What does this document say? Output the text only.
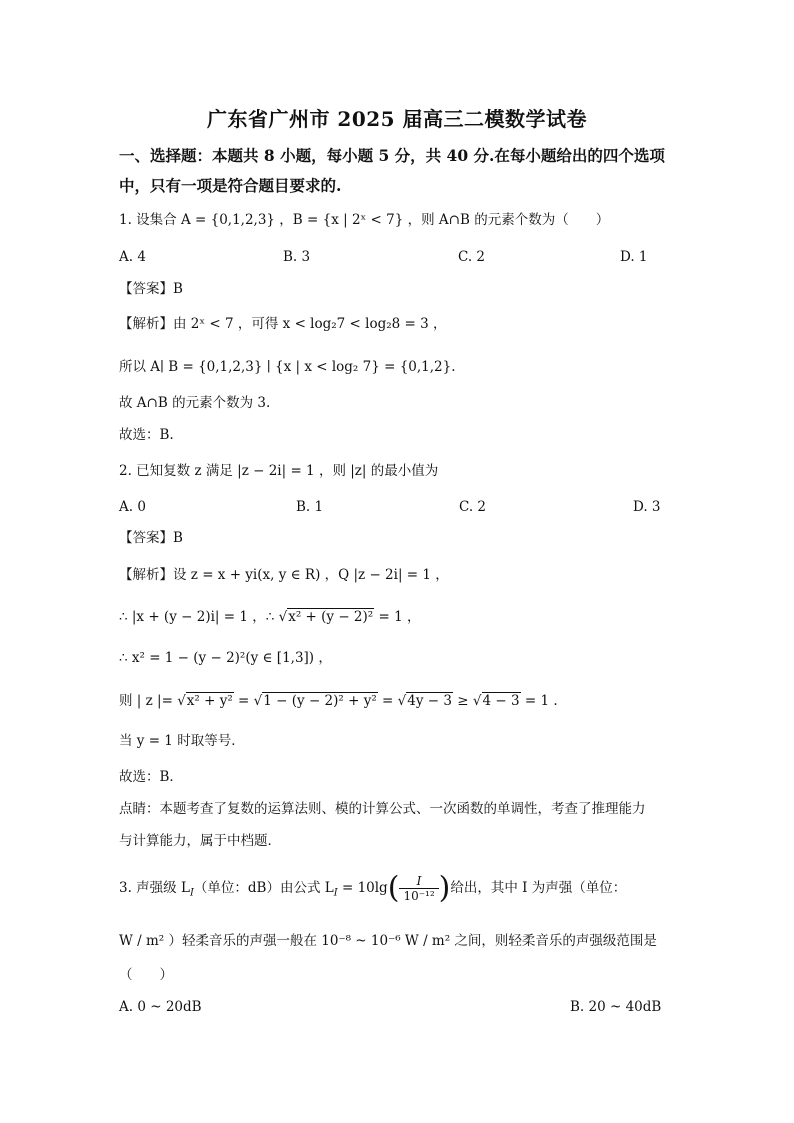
广东省广州市 2025 届高三二模数学试卷
一、选择题：本题共 8 小题，每小题 5 分，共 40 分.在每小题给出的四个选项
中，只有一项是符合题目要求的.
1. 设集合 A = {0,1,2,3} ，B = {x | 2ˣ < 7} ，则 A∩B 的元素个数为（　　）
A. 4	B. 3	C. 2	D. 1
【答案】B
【解析】由 2ˣ < 7 ，可得 x < log₂7 < log₂8 = 3 ，
所以 A∣ B = {0,1,2,3} ∣ {x | x < log₂ 7} = {0,1,2}.
故 A∩B 的元素个数为 3.
故选：B.
2. 已知复数 z 满足 |z − 2i| = 1 ，则 |z| 的最小值为
A. 0	B. 1	C. 2	D. 3
【答案】B
【解析】设 z = x + yi(x, y ∈ R) ，Q |z − 2i| = 1 ，
∴ |x + (y − 2)i| = 1 ，∴ √x² + (y − 2)² = 1 ，
∴ x² = 1 − (y − 2)²(y ∈ [1,3]) ，
则 | z |= √x² + y² = √1 − (y − 2)² + y² = √4y − 3 ≥ √4 − 3 = 1 .
当 y = 1 时取等号．
故选：B．
点睛：本题考查了复数的运算法则、模的计算公式、一次函数的单调性，考查了推理能力
与计算能力，属于中档题．
3. 声强级 $L_I$（单位：dB）由公式 $L_I = 10\lg( \frac{I}{\text{10⁻¹²}}$ )给出，其中 I 为声强（单位：
W / m² ）轻柔音乐的声强一般在 10⁻⁸ ~ 10⁻⁶ W / m² 之间，则轻柔音乐的声强级范围是
（　　）
A. 0 ~ 20dB	B. 20 ~ 40dB
